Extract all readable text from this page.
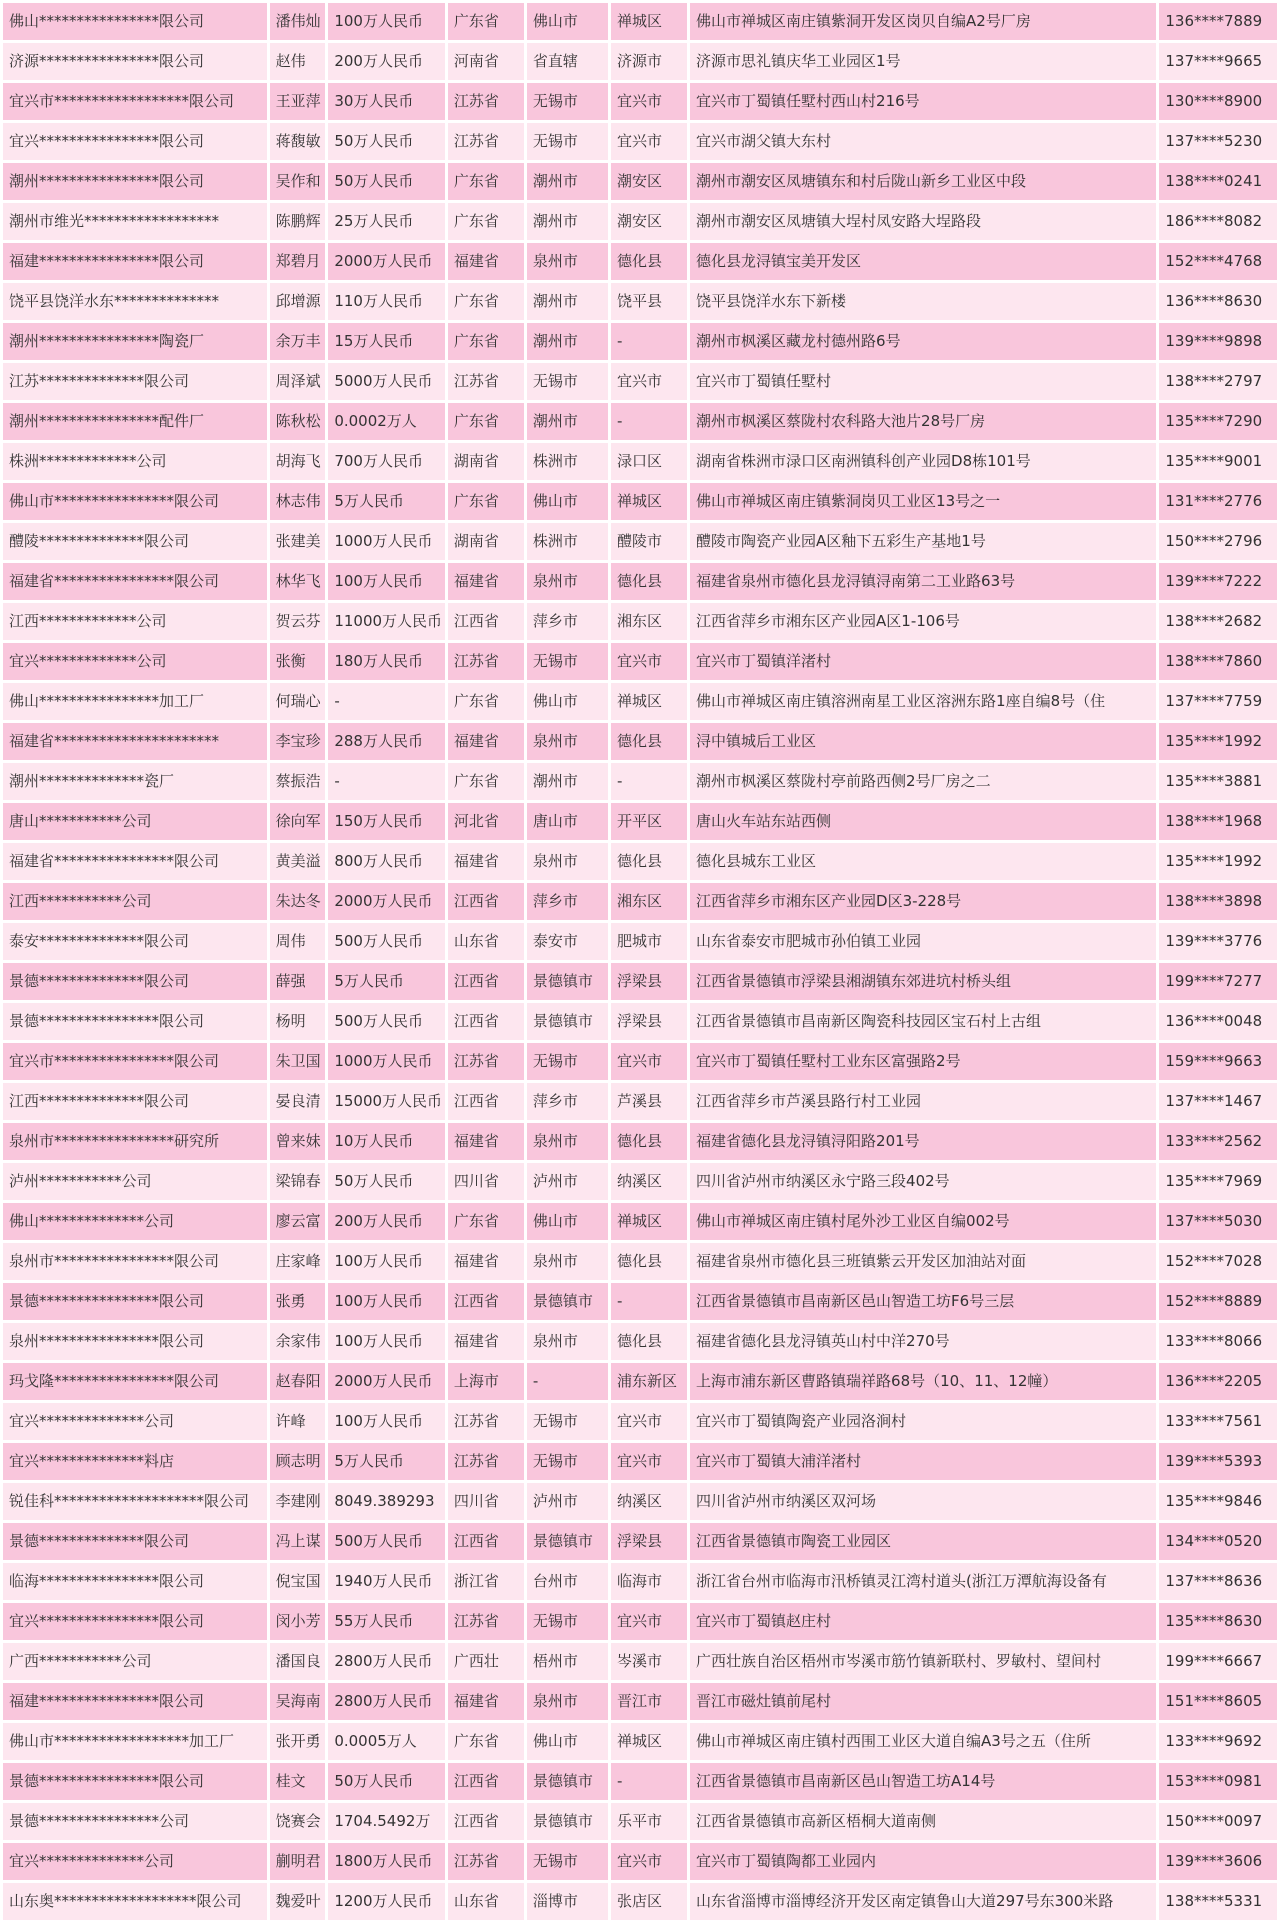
佛山****************限公司	潘伟灿	100万人民币	广东省	佛山市	禅城区	佛山市禅城区南庄镇紫洞开发区岗贝自编A2号厂房	136****7889
济源****************限公司	赵伟	200万人民币	河南省	省直辖	济源市	济源市思礼镇庆华工业园区1号	137****9665
宜兴市******************限公司	王亚萍	30万人民币	江苏省	无锡市	宜兴市	宜兴市丁蜀镇任墅村西山村216号	130****8900
宜兴****************限公司	蒋馥敏	50万人民币	江苏省	无锡市	宜兴市	宜兴市湖父镇大东村	137****5230
潮州****************限公司	吴作和	50万人民币	广东省	潮州市	潮安区	潮州市潮安区凤塘镇东和村后陇山新乡工业区中段	138****0241
潮州市维光******************	陈鹏辉	25万人民币	广东省	潮州市	潮安区	潮州市潮安区凤塘镇大埕村凤安路大埕路段	186****8082
福建****************限公司	郑碧月	2000万人民币	福建省	泉州市	德化县	德化县龙浔镇宝美开发区	152****4768
饶平县饶洋水东**************	邱增源	110万人民币	广东省	潮州市	饶平县	饶平县饶洋水东下新楼	136****8630
潮州****************陶瓷厂	余万丰	15万人民币	广东省	潮州市	-	潮州市枫溪区藏龙村德州路6号	139****9898
江苏**************限公司	周泽斌	5000万人民币	江苏省	无锡市	宜兴市	宜兴市丁蜀镇任墅村	138****2797
潮州****************配件厂	陈秋松	0.0002万人	广东省	潮州市	-	潮州市枫溪区蔡陇村农科路大池片28号厂房	135****7290
株洲*************公司	胡海飞	700万人民币	湖南省	株洲市	渌口区	湖南省株洲市渌口区南洲镇科创产业园D8栋101号	135****9001
佛山市****************限公司	林志伟	5万人民币	广东省	佛山市	禅城区	佛山市禅城区南庄镇紫洞岗贝工业区13号之一	131****2776
醴陵**************限公司	张建美	1000万人民币	湖南省	株洲市	醴陵市	醴陵市陶瓷产业园A区釉下五彩生产基地1号	150****2796
福建省****************限公司	林华飞	100万人民币	福建省	泉州市	德化县	福建省泉州市德化县龙浔镇浔南第二工业路63号	139****7222
江西*************公司	贺云芬	11000万人民币	江西省	萍乡市	湘东区	江西省萍乡市湘东区产业园A区1-106号	138****2682
宜兴*************公司	张衡	180万人民币	江苏省	无锡市	宜兴市	宜兴市丁蜀镇洋渚村	138****7860
佛山****************加工厂	何瑞心	-	广东省	佛山市	禅城区	佛山市禅城区南庄镇溶洲南星工业区溶洲东路1座自编8号（住	137****7759
福建省**********************	李宝珍	288万人民币	福建省	泉州市	德化县	浔中镇城后工业区	135****1992
潮州**************瓷厂	蔡振浩	-	广东省	潮州市	-	潮州市枫溪区蔡陇村亭前路西侧2号厂房之二	135****3881
唐山***********公司	徐向军	150万人民币	河北省	唐山市	开平区	唐山火车站东站西侧	138****1968
福建省****************限公司	黄美溢	800万人民币	福建省	泉州市	德化县	德化县城东工业区	135****1992
江西***********公司	朱达冬	2000万人民币	江西省	萍乡市	湘东区	江西省萍乡市湘东区产业园D区3-228号	138****3898
泰安**************限公司	周伟	500万人民币	山东省	泰安市	肥城市	山东省泰安市肥城市孙伯镇工业园	139****3776
景德**************限公司	薛强	5万人民币	江西省	景德镇市	浮梁县	江西省景德镇市浮梁县湘湖镇东郊进坑村桥头组	199****7277
景德****************限公司	杨明	500万人民币	江西省	景德镇市	浮梁县	江西省景德镇市昌南新区陶瓷科技园区宝石村上古组	136****0048
宜兴市****************限公司	朱卫国	1000万人民币	江苏省	无锡市	宜兴市	宜兴市丁蜀镇任墅村工业东区富强路2号	159****9663
江西**************限公司	晏良清	15000万人民币	江西省	萍乡市	芦溪县	江西省萍乡市芦溪县路行村工业园	137****1467
泉州市****************研究所	曾来妹	10万人民币	福建省	泉州市	德化县	福建省德化县龙浔镇浔阳路201号	133****2562
泸州***********公司	梁锦春	50万人民币	四川省	泸州市	纳溪区	四川省泸州市纳溪区永宁路三段402号	135****7969
佛山**************公司	廖云富	200万人民币	广东省	佛山市	禅城区	佛山市禅城区南庄镇村尾外沙工业区自编002号	137****5030
泉州市****************限公司	庄家峰	100万人民币	福建省	泉州市	德化县	福建省泉州市德化县三班镇紫云开发区加油站对面	152****7028
景德****************限公司	张勇	100万人民币	江西省	景德镇市	-	江西省景德镇市昌南新区邑山智造工坊F6号三层	152****8889
泉州****************限公司	余家伟	100万人民币	福建省	泉州市	德化县	福建省德化县龙浔镇英山村中洋270号	133****8066
玛戈隆****************限公司	赵春阳	2000万人民币	上海市	-	浦东新区	上海市浦东新区曹路镇瑞祥路68号（10、11、12幢）	136****2205
宜兴**************公司	许峰	100万人民币	江苏省	无锡市	宜兴市	宜兴市丁蜀镇陶瓷产业园洛涧村	133****7561
宜兴**************料店	顾志明	5万人民币	江苏省	无锡市	宜兴市	宜兴市丁蜀镇大浦洋渚村	139****5393
锐佳科********************限公司	李建刚	8049.389293	四川省	泸州市	纳溪区	四川省泸州市纳溪区双河场	135****9846
景德**************限公司	冯上谋	500万人民币	江西省	景德镇市	浮梁县	江西省景德镇市陶瓷工业园区	134****0520
临海****************限公司	倪宝国	1940万人民币	浙江省	台州市	临海市	浙江省台州市临海市汛桥镇灵江湾村道头(浙江万潭航海设备有	137****8636
宜兴****************限公司	闵小芳	55万人民币	江苏省	无锡市	宜兴市	宜兴市丁蜀镇赵庄村	135****8630
广西***********公司	潘国良	2800万人民币	广西壮	梧州市	岑溪市	广西壮族自治区梧州市岑溪市筋竹镇新联村、罗敏村、望间村	199****6667
福建****************限公司	吴海南	2800万人民币	福建省	泉州市	晋江市	晋江市磁灶镇前尾村	151****8605
佛山市******************加工厂	张开勇	0.0005万人	广东省	佛山市	禅城区	佛山市禅城区南庄镇村西围工业区大道自编A3号之五（住所	133****9692
景德****************限公司	桂文	50万人民币	江西省	景德镇市	-	江西省景德镇市昌南新区邑山智造工坊A14号	153****0981
景德****************公司	饶赛会	1704.5492万	江西省	景德镇市	乐平市	江西省景德镇市高新区梧桐大道南侧	150****0097
宜兴**************公司	蒯明君	1800万人民币	江苏省	无锡市	宜兴市	宜兴市丁蜀镇陶都工业园内	139****3606
山东奥*******************限公司	魏爱叶	1200万人民币	山东省	淄博市	张店区	山东省淄博市淄博经济开发区南定镇鲁山大道297号东300米路	138****5331
